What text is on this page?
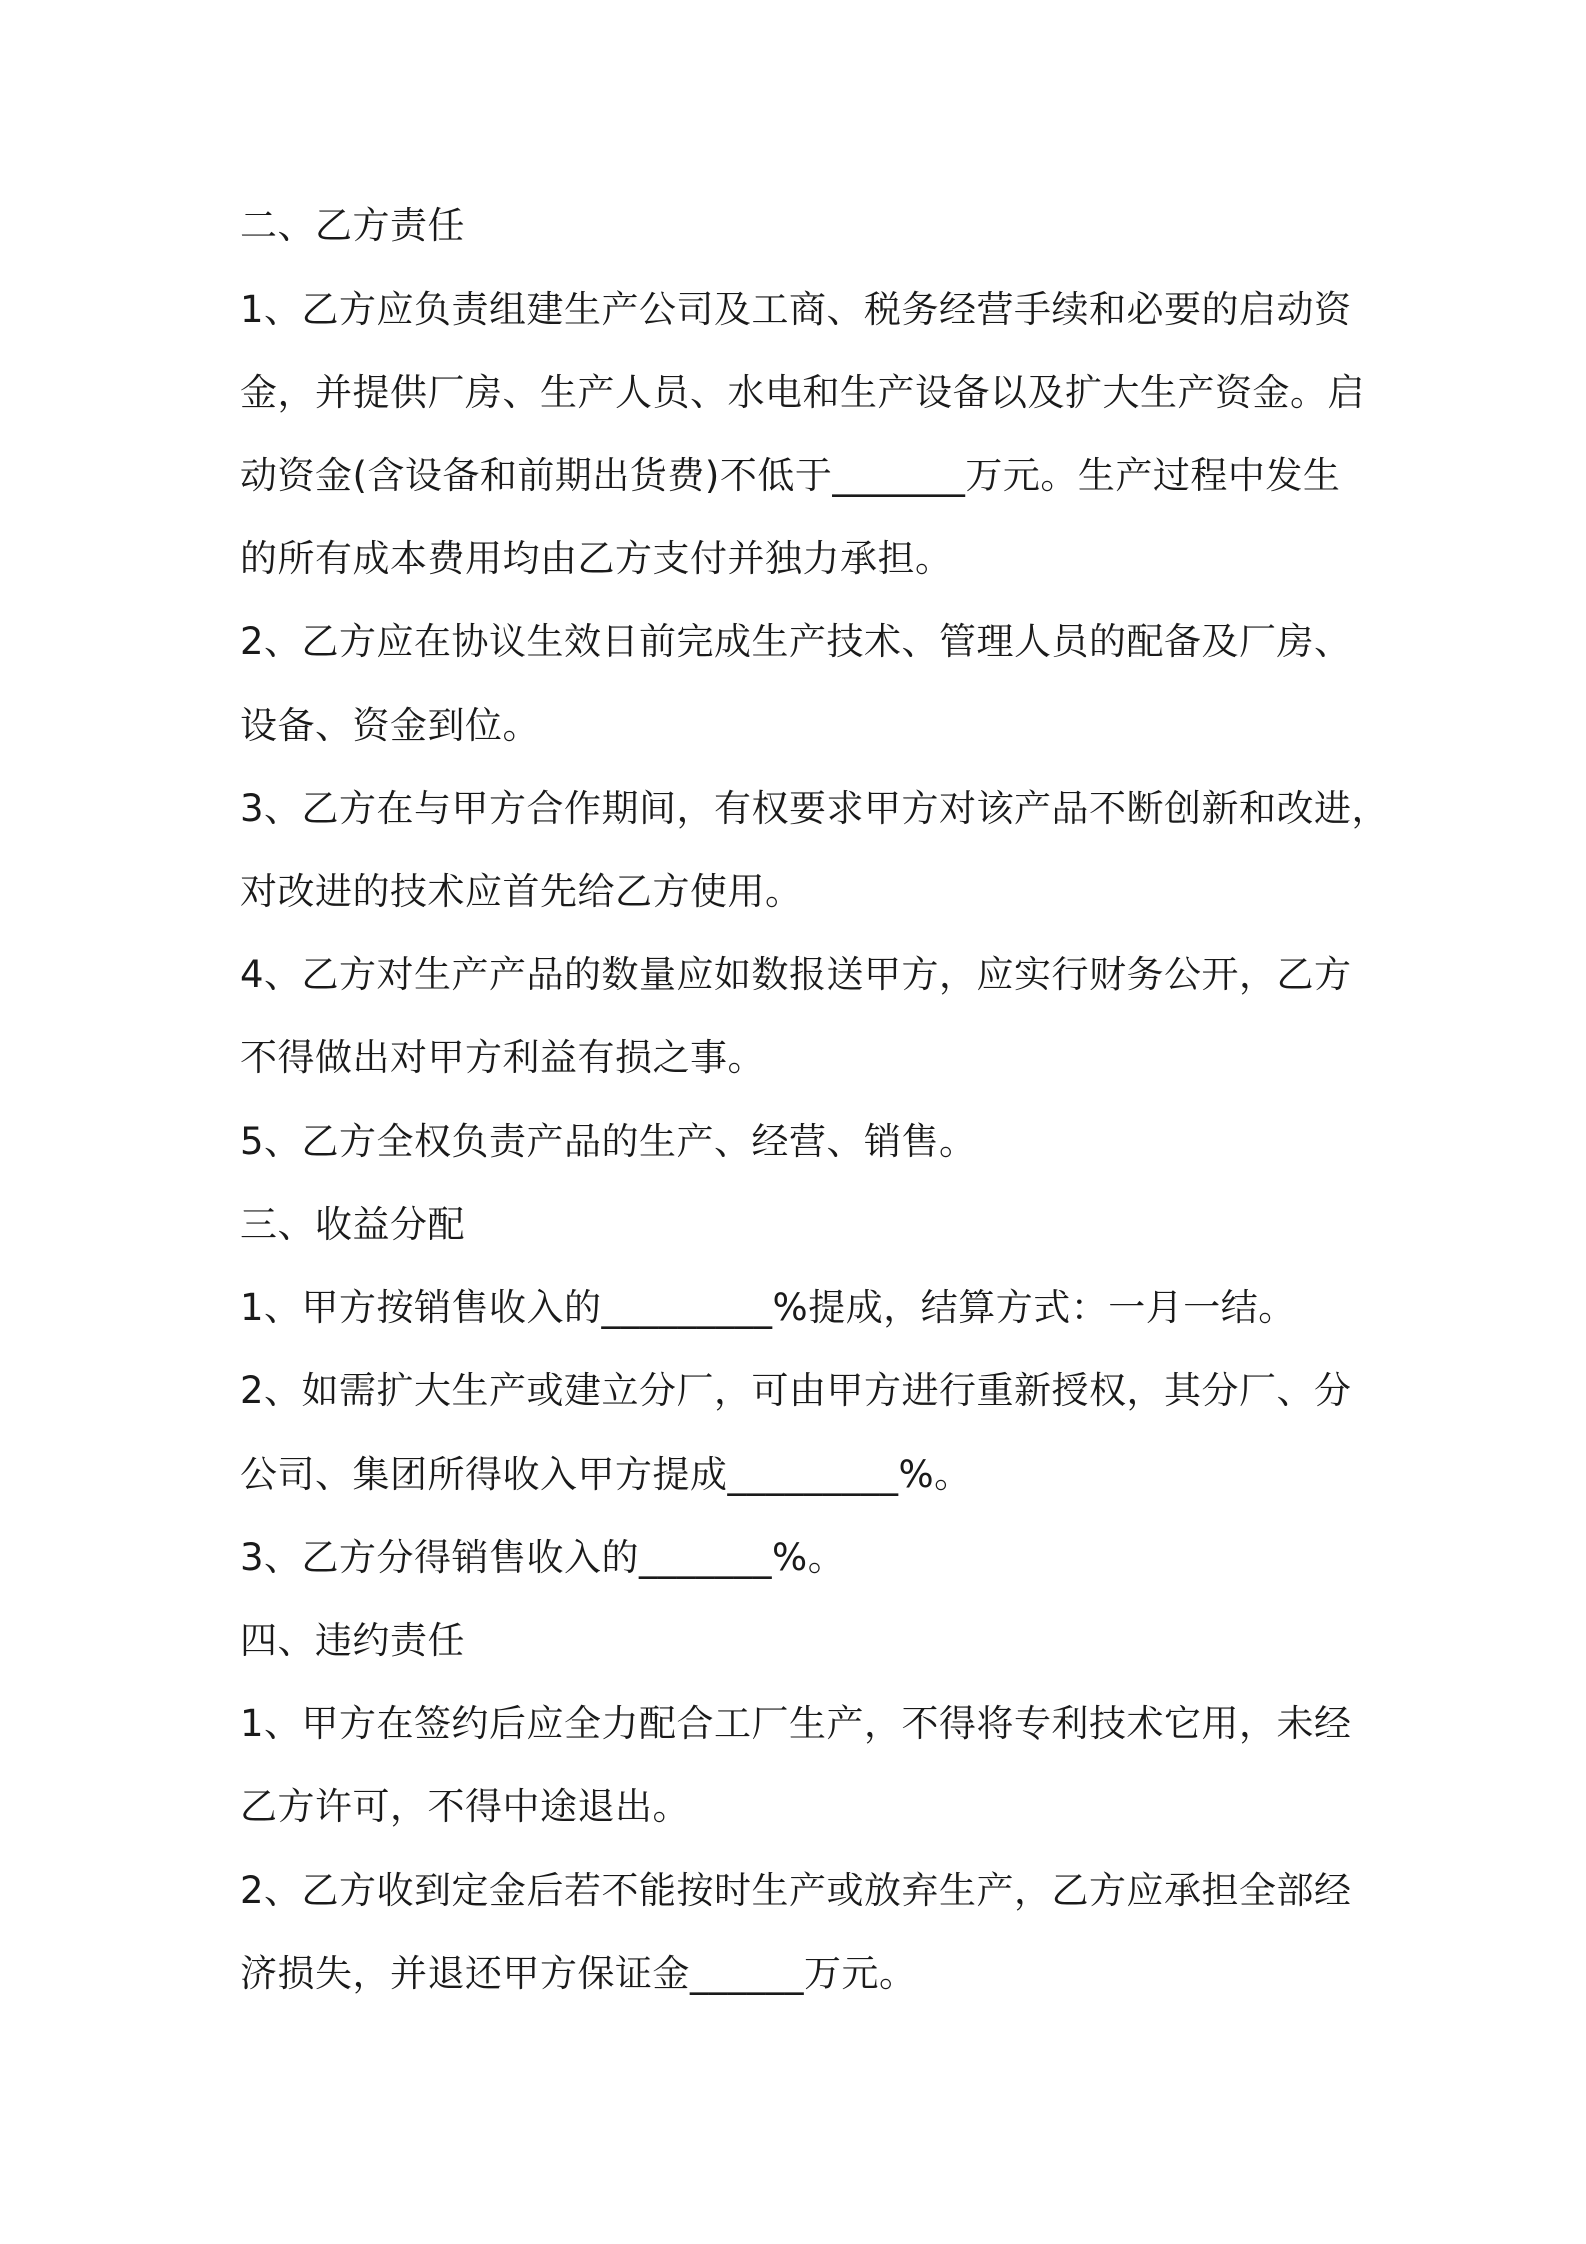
二、乙方责任
1、乙方应负责组建生产公司及工商、税务经营手续和必要的启动资
金，并提供厂房、生产人员、水电和生产设备以及扩大生产资金。启
动资金(含设备和前期出货费)不低于_______万元。生产过程中发生
的所有成本费用均由乙方支付并独力承担。
2、乙方应在协议生效日前完成生产技术、管理人员的配备及厂房、
设备、资金到位。
3、乙方在与甲方合作期间，有权要求甲方对该产品不断创新和改进，
对改进的技术应首先给乙方使用。
4、乙方对生产产品的数量应如数报送甲方，应实行财务公开，乙方
不得做出对甲方利益有损之事。
5、乙方全权负责产品的生产、经营、销售。
三、收益分配
1、甲方按销售收入的_________%提成，结算方式：一月一结。
2、如需扩大生产或建立分厂，可由甲方进行重新授权，其分厂、分
公司、集团所得收入甲方提成_________%。
3、乙方分得销售收入的_______%。
四、违约责任
1、甲方在签约后应全力配合工厂生产，不得将专利技术它用，未经
乙方许可，不得中途退出。
2、乙方收到定金后若不能按时生产或放弃生产，乙方应承担全部经
济损失，并退还甲方保证金______万元。
